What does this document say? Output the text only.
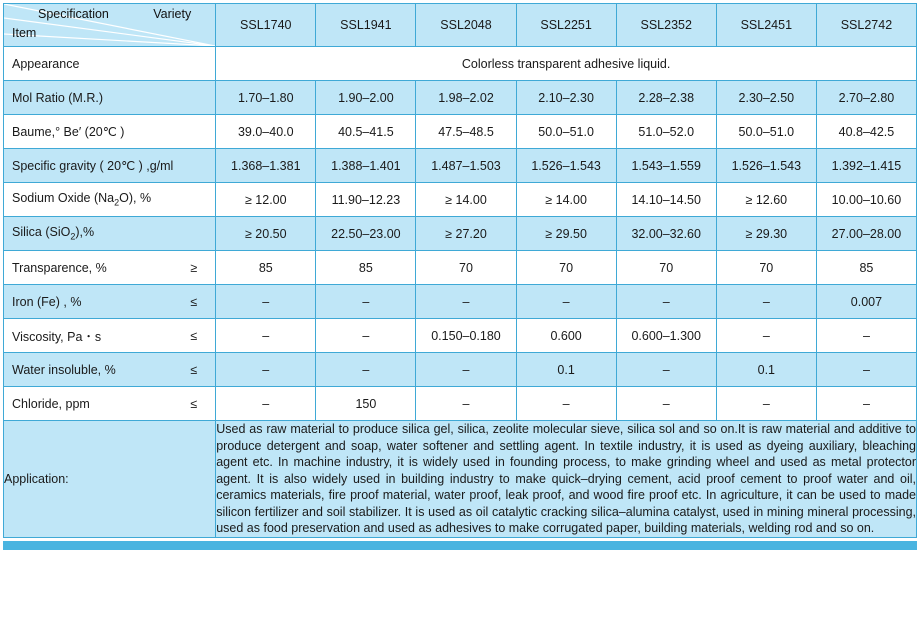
Variety
Specification
Item	SSL1740	SSL1941	SSL2048	SSL2251	SSL2352	SSL2451	SSL2742
Appearance	Colorless transparent adhesive liquid.						
Mol Ratio (M.R.)	1.70–1.80	1.90–2.00	1.98–2.02	2.10–2.30	2.28–2.38	2.30–2.50	2.70–2.80
Baume,° Be′ (20℃ )	39.0–40.0	40.5–41.5	47.5–48.5	50.0–51.0	51.0–52.0	50.0–51.0	40.8–42.5
Specific gravity ( 20℃ ) ,g/ml	1.368–1.381	1.388–1.401	1.487–1.503	1.526–1.543	1.543–1.559	1.526–1.543	1.392–1.415
Sodium Oxide $(Na_2O)$, %	≥ 12.00	11.90–12.23	≥ 14.00	≥ 14.00	14.10–14.50	≥ 12.60	10.00–10.60
Silica (SiO$_2$),%	≥ 20.50	22.50–23.00	≥ 27.20	≥ 29.50	32.00–32.60	≥ 29.30	27.00–28.00
Transparence, % ≥	85	85	70	70	70	70	85
Iron (Fe) , % ≤	–	–	–	–	–	–	0.007
Viscosity, Pa・s ≤	–	–	0.150–0.180	0.600	0.600–1.300	–	–
Water insoluble, % ≤	–	–	–	0.1	–	0.1	–
Chloride, ppm ≤	–	150	–	–	–	–	–
Application:	Used as raw material to produce silica gel, silica, zeolite molecular sieve, silica sol and so on.It is raw material and additive to produce detergent and soap, water softener and settling agent. In textile industry, it is used as dyeing auxiliary, bleaching agent etc. In machine industry, it is widely used in founding process, to make grinding wheel and used as metal protector agent. It is also widely used in building industry to make quick–drying cement, acid proof cement to proof water and oil, ceramics materials, fire proof material, water proof, leak proof, and wood fire proof etc. In agriculture, it can be used to made silicon fertilizer and soil stabilizer. It is used as oil catalytic cracking silica–alumina catalyst, used in mining mineral processing, used as food preservation and used as adhesives to make corrugated paper, building materials, welding rod and so on.						
